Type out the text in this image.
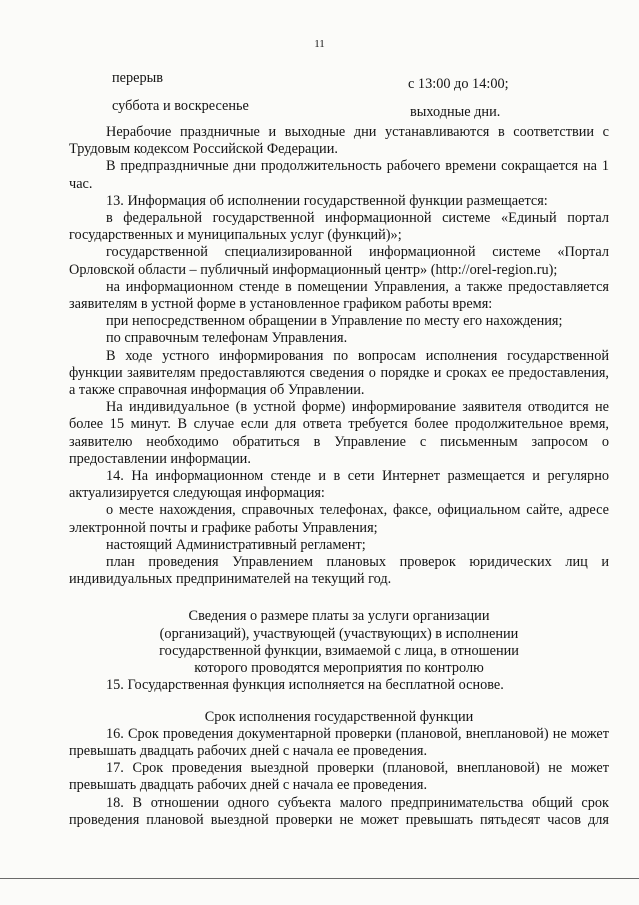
11
перерыв	с 13:00 до 14:00;
суббота и воскресенье	выходные дни.

Нерабочие праздничные и выходные дни устанавливаются в соответствии с Трудовым кодексом Российской Федерации.

В предпраздничные дни продолжительность рабочего времени сокращается на 1 час.

13. Информация об исполнении государственной функции размещается:

в федеральной государственной информационной системе «Единый портал государственных и муниципальных услуг (функций)»;

государственной специализированной информационной системе «Портал Орловской области – публичный информационный центр» (http://orel-region.ru);

на информационном стенде в помещении Управления, а также предоставляется заявителям в устной форме в установленное графиком работы время:

при непосредственном обращении в Управление по месту его нахождения;

по справочным телефонам Управления.

В ходе устного информирования по вопросам исполнения государственной функции заявителям предоставляются сведения о порядке и сроках ее предоставления, а также справочная информация об Управлении.

На индивидуальное (в устной форме) информирование заявителя отводится не более 15 минут. В случае если для ответа требуется более продолжительное время, заявителю необходимо обратиться в Управление с письменным запросом о предоставлении информации.

14. На информационном стенде и в сети Интернет размещается и регулярно актуализируется следующая информация:

о месте нахождения, справочных телефонах, факсе, официальном сайте, адресе электронной почты и графике работы Управления;

настоящий Административный регламент;

план проведения Управлением плановых проверок юридических лиц и индивидуальных предпринимателей на текущий год.

Сведения о размере платы за услуги организации

(организаций), участвующей (участвующих) в исполнении

государственной функции, взимаемой с лица, в отношении

которого проводятся мероприятия по контролю

15. Государственная функция исполняется на бесплатной основе.

Срок исполнения государственной функции

16. Срок проведения документарной проверки (плановой, внеплановой) не может превышать двадцать рабочих дней с начала ее проведения.

17. Срок проведения выездной проверки (плановой, внеплановой) не может превышать двадцать рабочих дней с начала ее проведения.

18. В отношении одного субъекта малого предпринимательства общий срок

проведения плановой выездной проверки не может превышать пятьдесят часов для
